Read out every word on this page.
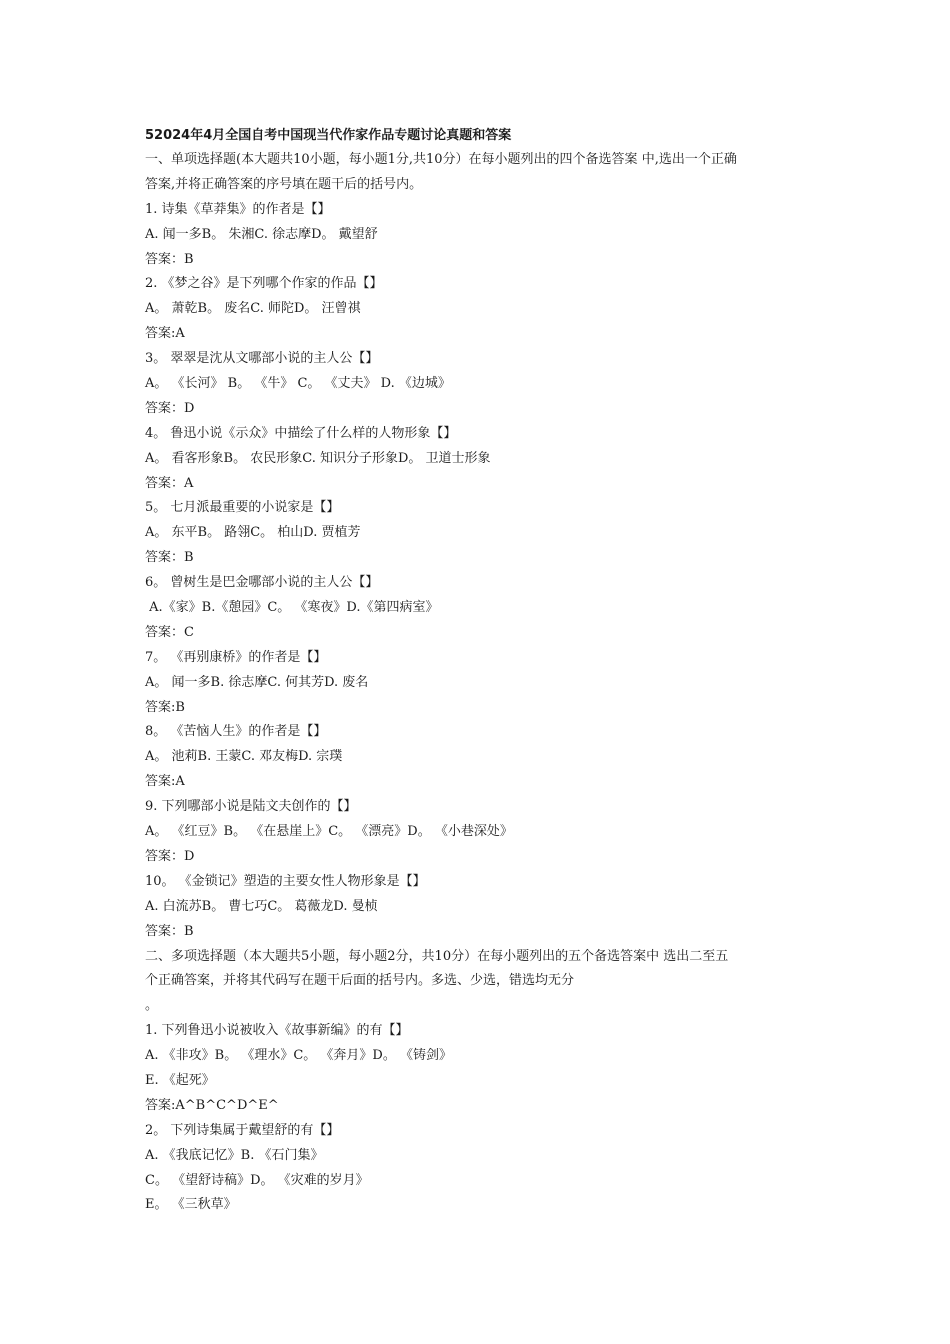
52024年4月全国自考中国现当代作家作品专题讨论真题和答案
一、单项选择题(本大题共10小题，每小题1分,共10分）在每小题列出的四个备选答案 中,选出一个正确
答案,并将正确答案的序号填在题干后的括号内。
1. 诗集《草莽集》的作者是【】
A. 闻一多B。 朱湘C. 徐志摩D。 戴望舒
答案：B
2. 《梦之谷》是下列哪个作家的作品【】
A。 萧乾B。 废名C. 师陀D。 汪曾祺
答案:A
3。 翠翠是沈从文哪部小说的主人公【】
A。 《长河》 B。 《牛》 C。 《丈夫》 D. 《边城》
答案：D
4。 鲁迅小说《示众》中描绘了什么样的人物形象【】
A。 看客形象B。 农民形象C. 知识分子形象D。 卫道士形象
答案：A
5。 七月派最重要的小说家是【】
A。 东平B。 路翎C。 柏山D. 贾植芳
答案：B
6。 曾树生是巴金哪部小说的主人公【】
A.《家》B.《憩园》C。 《寒夜》D.《第四病室》
答案：C
7。 《再别康桥》的作者是【】
A。 闻一多B. 徐志摩C. 何其芳D. 废名
答案:B
8。 《苦恼人生》的作者是【】
A。 池莉B. 王蒙C. 邓友梅D. 宗璞
答案:A
9. 下列哪部小说是陆文夫创作的【】
A。 《红豆》B。 《在悬崖上》C。 《漂亮》D。 《小巷深处》
答案：D
10。 《金锁记》塑造的主要女性人物形象是【】
A. 白流苏B。 曹七巧C。 葛薇龙D. 曼桢
答案：B
二、多项选择题（本大题共5小题，每小题2分，共10分）在每小题列出的五个备选答案中 选出二至五
个正确答案，并将其代码写在题干后面的括号内。多选、少选，错选均无分
。
1. 下列鲁迅小说被收入《故事新编》的有【】
A. 《非攻》B。 《理水》C。 《奔月》D。 《铸剑》
E. 《起死》
答案:A^B^C^D^E^
2。 下列诗集属于戴望舒的有【】
A. 《我底记忆》B. 《石门集》
C。 《望舒诗稿》D。 《灾难的岁月》
E。 《三秋草》
